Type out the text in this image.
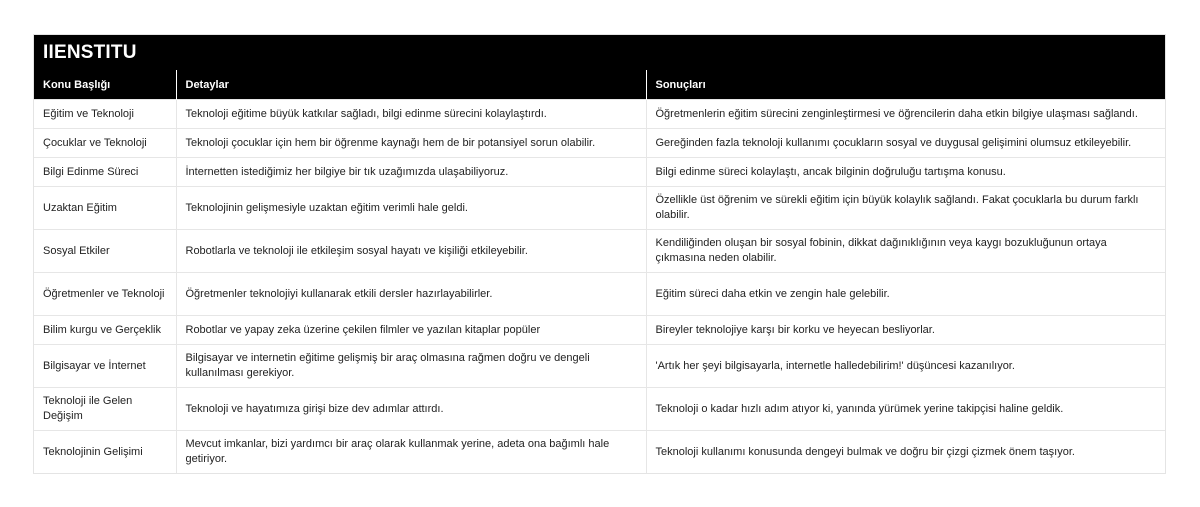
IIENSTITU
Konu Başlığı	Detaylar	Sonuçları
Eğitim ve Teknoloji	Teknoloji eğitime büyük katkılar sağladı, bilgi edinme sürecini kolaylaştırdı.	Öğretmenlerin eğitim sürecini zenginleştirmesi ve öğrencilerin daha etkin bilgiye ulaşması sağlandı.
Çocuklar ve Teknoloji	Teknoloji çocuklar için hem bir öğrenme kaynağı hem de bir potansiyel sorun olabilir.	Gereğinden fazla teknoloji kullanımı çocukların sosyal ve duygusal gelişimini olumsuz etkileyebilir.
Bilgi Edinme Süreci	İnternetten istediğimiz her bilgiye bir tık uzağımızda ulaşabiliyoruz.	Bilgi edinme süreci kolaylaştı, ancak bilginin doğruluğu tartışma konusu.
Uzaktan Eğitim	Teknolojinin gelişmesiyle uzaktan eğitim verimli hale geldi.	Özellikle üst öğrenim ve sürekli eğitim için büyük kolaylık sağlandı. Fakat çocuklarla bu durum farklı olabilir.
Sosyal Etkiler	Robotlarla ve teknoloji ile etkileşim sosyal hayatı ve kişiliği etkileyebilir.	Kendiliğinden oluşan bir sosyal fobinin, dikkat dağınıklığının veya kaygı bozukluğunun ortaya çıkmasına neden olabilir.
Öğretmenler ve Teknoloji	Öğretmenler teknolojiyi kullanarak etkili dersler hazırlayabilirler.	Eğitim süreci daha etkin ve zengin hale gelebilir.
Bilim kurgu ve Gerçeklik	Robotlar ve yapay zeka üzerine çekilen filmler ve yazılan kitaplar popüler	Bireyler teknolojiye karşı bir korku ve heyecan besliyorlar.
Bilgisayar ve İnternet	Bilgisayar ve internetin eğitime gelişmiş bir araç olmasına rağmen doğru ve dengeli kullanılması gerekiyor.	'Artık her şeyi bilgisayarla, internetle halledebilirim!' düşüncesi kazanılıyor.
Teknoloji ile Gelen Değişim	Teknoloji ve hayatımıza girişi bize dev adımlar attırdı.	Teknoloji o kadar hızlı adım atıyor ki, yanında yürümek yerine takipçisi haline geldik.
Teknolojinin Gelişimi	Mevcut imkanlar, bizi yardımcı bir araç olarak kullanmak yerine, adeta ona bağımlı hale getiriyor.	Teknoloji kullanımı konusunda dengeyi bulmak ve doğru bir çizgi çizmek önem taşıyor.
